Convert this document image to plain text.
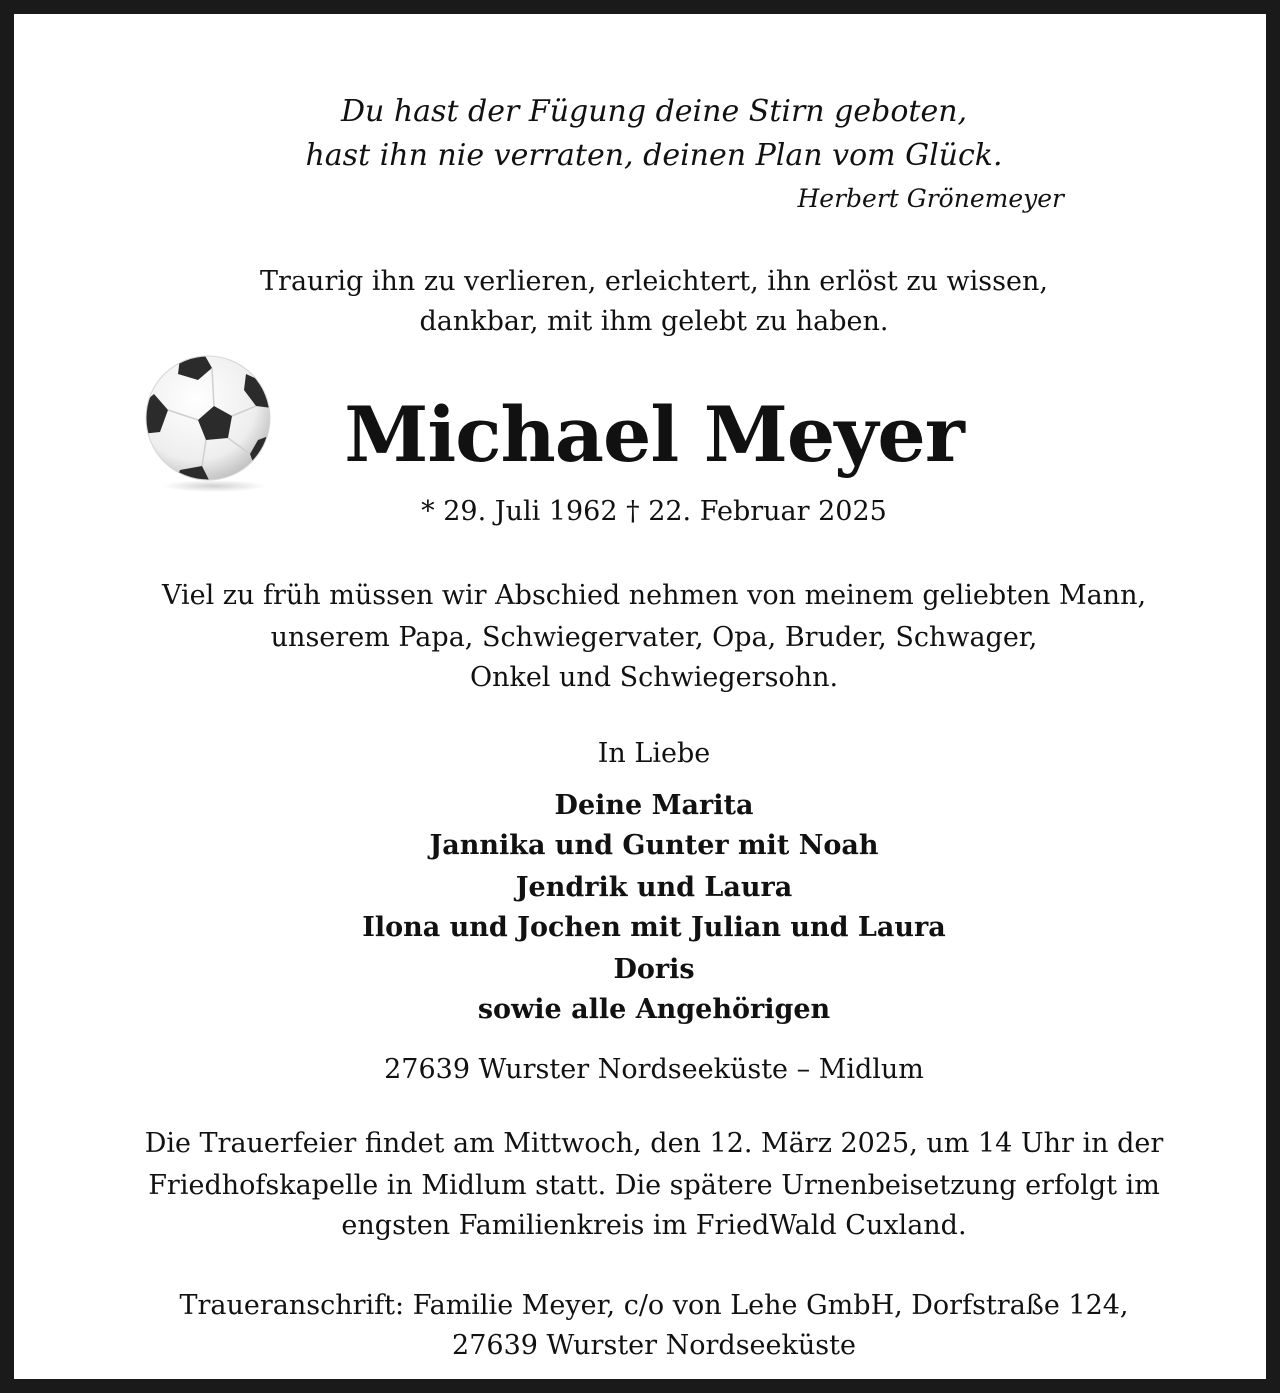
Du hast der Fügung deine Stirn geboten,
hast ihn nie verraten, deinen Plan vom Glück.
Herbert Grönemeyer
Traurig ihn zu verlieren, erleichtert, ihn erlöst zu wissen,
dankbar, mit ihm gelebt zu haben.
Michael Meyer
* 29. Juli 1962 † 22. Februar 2025
Viel zu früh müssen wir Abschied nehmen von meinem geliebten Mann,
unserem Papa, Schwiegervater, Opa, Bruder, Schwager,
Onkel und Schwiegersohn.
In Liebe
Deine Marita
Jannika und Gunter mit Noah
Jendrik und Laura
Ilona und Jochen mit Julian und Laura
Doris
sowie alle Angehörigen
27639 Wurster Nordseeküste – Midlum
Die Trauerfeier findet am Mittwoch, den 12. März 2025, um 14 Uhr in der
Friedhofskapelle in Midlum statt. Die spätere Urnenbeisetzung erfolgt im
engsten Familienkreis im FriedWald Cuxland.
Traueranschrift: Familie Meyer, c/o von Lehe GmbH, Dorfstraße 124,
27639 Wurster Nordseeküste
